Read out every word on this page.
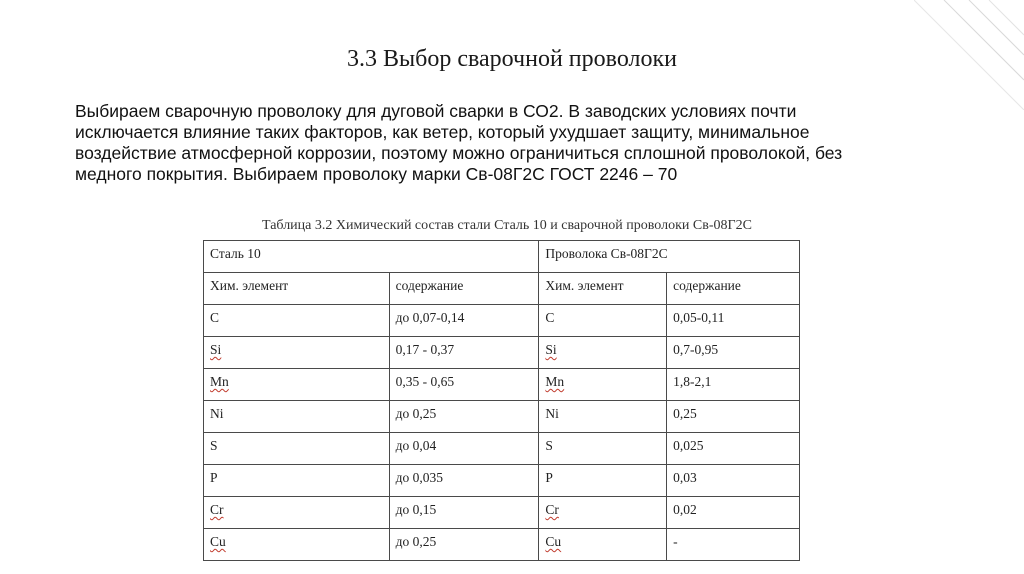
3.3 Выбор сварочной проволоки

Выбираем сварочную проволоку для дуговой сварки в СО2. В заводских условиях почти
исключается влияние таких факторов, как ветер, который ухудшает защиту, минимальное
воздействие атмосферной коррозии, поэтому можно ограничиться сплошной проволокой, без
медного покрытия. Выбираем проволоку марки Св-08Г2С ГОСТ 2246 – 70

Таблица 3.2 Химический состав стали Сталь 10 и сварочной проволоки Св-08Г2С
Сталь 10		Проволока Св-08Г2С	
Хим. элемент	содержание	Хим. элемент	содержание
C	до 0,07-0,14	C	0,05-0,11
Si	0,17 - 0,37	Si	0,7-0,95
Mn	0,35 - 0,65	Mn	1,8-2,1
Ni	до 0,25	Ni	0,25
S	до 0,04	S	0,025
P	до 0,035	P	0,03
Cr	до 0,15	Cr	0,02
Cu	до 0,25	Cu	-
